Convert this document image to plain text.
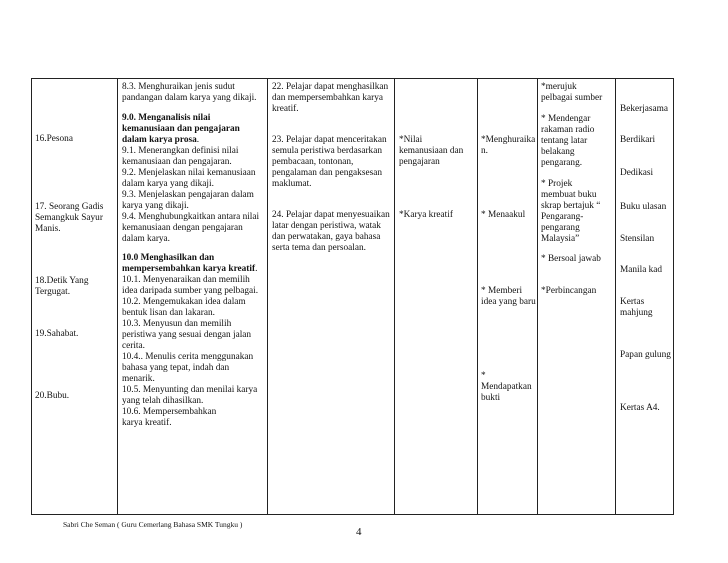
16.Pesona
17. Seorang Gadis
Semangkuk Sayur
Manis.
18.Detik Yang
Tergugat.
19.Sahabat.
20.Bubu.
8.3. Menghuraikan jenis sudut
pandangan dalam karya yang dikaji.
9.0. Menganalisis nilai
kemanusiaan dan pengajaran
dalam karya prosa.
9.1. Menerangkan definisi nilai
kemanusiaan dan pengajaran.
9.2. Menjelaskan nilai kemanusiaan
dalam karya yang dikaji.
9.3. Menjelaskan pengajaran dalam
karya yang dikaji.
9.4. Menghubungkaitkan antara nilai
kemanusiaan dengan pengajaran
dalam karya.
10.0 Menghasilkan dan
mempersembahkan karya kreatif.
10.1. Menyenaraikan dan memilih
idea daripada sumber yang pelbagai.
10.2. Mengemukakan idea dalam
bentuk lisan dan lakaran.
10.3. Menyusun dan memilih
peristiwa yang sesuai dengan jalan
cerita.
10.4.. Menulis cerita menggunakan
bahasa yang tepat, indah dan
menarik.
10.5. Menyunting dan menilai karya
yang telah dihasilkan.
10.6. Mempersembahkan
karya kreatif.
22. Pelajar dapat menghasilkan
dan mempersembahkan karya
kreatif.
23. Pelajar dapat menceritakan
semula peristiwa berdasarkan
pembacaan, tontonan,
pengalaman dan pengaksesan
maklumat.
24. Pelajar dapat menyesuaikan
latar dengan peristiwa, watak
dan perwatakan, gaya bahasa
serta tema dan persoalan.
*Nilai
kemanusiaan dan
pengajaran
*Karya kreatif
*Menghuraika
n.
* Menaakul
* Memberi
idea yang baru
*
Mendapatkan
bukti
*merujuk
pelbagai sumber
* Mendengar
rakaman radio
tentang latar
belakang
pengarang.
* Projek
membuat buku
skrap bertajuk “
Pengarang-
pengarang
Malaysia”
* Bersoal jawab
*Perbincangan
Bekerjasama
Berdikari
Dedikasi
Buku ulasan
Stensilan
Manila kad
Kertas
mahjung
Papan gulung
Kertas A4.
Sabri Che Seman ( Guru Cemerlang Bahasa SMK Tungku )
4
